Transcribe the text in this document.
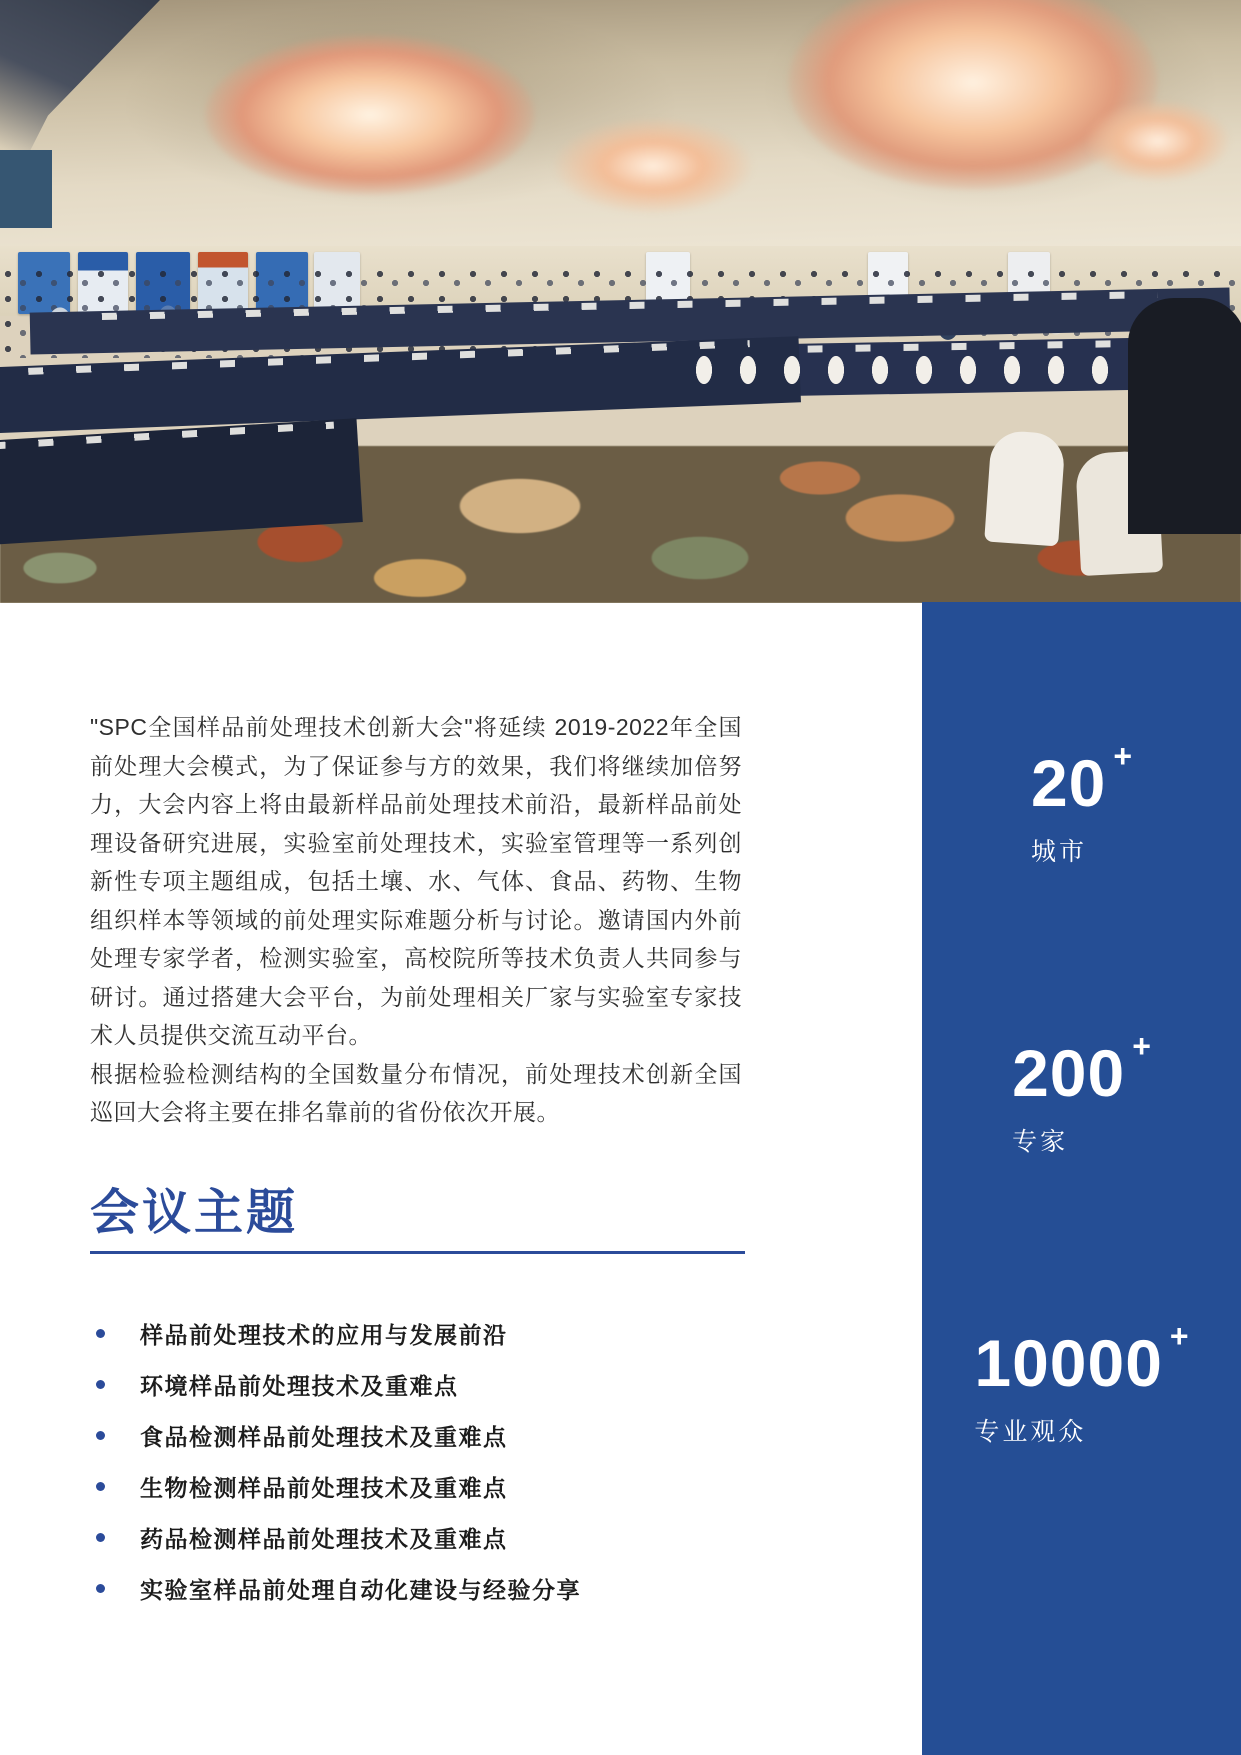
"SPC全国样品前处理技术创新大会"将延续 2019-2022年全国前处理大会模式，为了保证参与方的效果，我们将继续加倍努力，大会内容上将由最新样品前处理技术前沿，最新样品前处理设备研究进展，实验室前处理技术，实验室管理等一系列创新性专项主题组成，包括土壤、水、气体、食品、药物、生物组织样本等领域的前处理实际难题分析与讨论。邀请国内外前处理专家学者，检测实验室，高校院所等技术负责人共同参与研讨。通过搭建大会平台，为前处理相关厂家与实验室专家技术人员提供交流互动平台。

根据检验检测结构的全国数量分布情况，前处理技术创新全国巡回大会将主要在排名靠前的省份依次开展。

会议主题
样品前处理技术的应用与发展前沿
环境样品前处理技术及重难点
食品检测样品前处理技术及重难点
生物检测样品前处理技术及重难点
药品检测样品前处理技术及重难点
实验室样品前处理自动化建设与经验分享
20 +
城市
200 +
专家
10000 +
专业观众
